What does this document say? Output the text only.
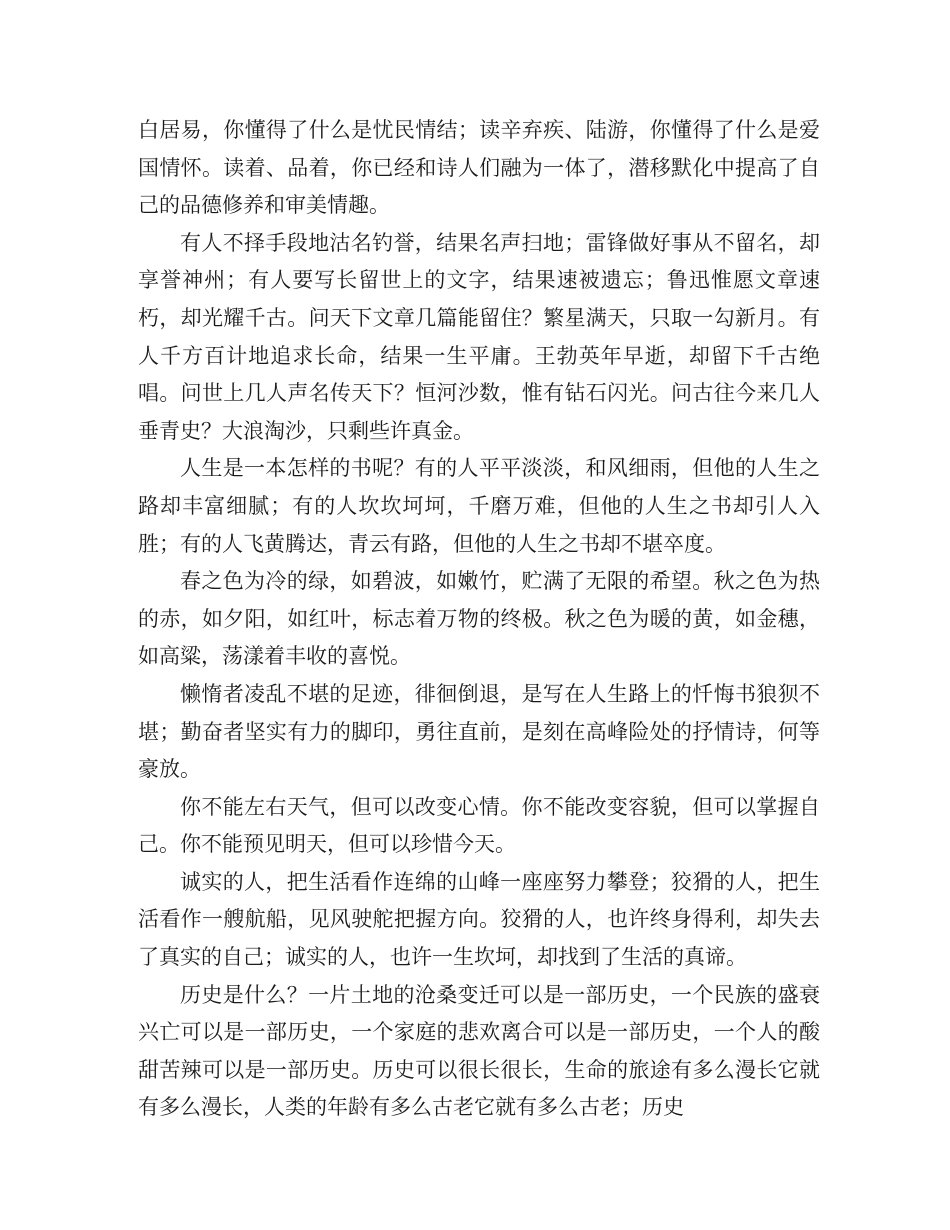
白居易，你懂得了什么是忧民情结；读辛弃疾、陆游，你懂得了什么是爱国情怀。读着、品着，你已经和诗人们融为一体了，潜移默化中提高了自己的品德修养和审美情趣。

有人不择手段地沽名钓誉，结果名声扫地；雷锋做好事从不留名，却享誉神州；有人要写长留世上的文字，结果速被遗忘；鲁迅惟愿文章速朽，却光耀千古。问天下文章几篇能留住？繁星满天，只取一勾新月。有人千方百计地追求长命，结果一生平庸。王勃英年早逝，却留下千古绝唱。问世上几人声名传天下？恒河沙数，惟有钻石闪光。问古往今来几人垂青史？大浪淘沙，只剩些许真金。

人生是一本怎样的书呢？有的人平平淡淡，和风细雨，但他的人生之路却丰富细腻；有的人坎坎坷坷，千磨万难，但他的人生之书却引人入胜；有的人飞黄腾达，青云有路，但他的人生之书却不堪卒度。

春之色为冷的绿，如碧波，如嫩竹，贮满了无限的希望。秋之色为热的赤，如夕阳，如红叶，标志着万物的终极。秋之色为暖的黄，如金穗，如高粱，荡漾着丰收的喜悦。

懒惰者凌乱不堪的足迹，徘徊倒退，是写在人生路上的忏悔书狼狈不堪；勤奋者坚实有力的脚印，勇往直前，是刻在高峰险处的抒情诗，何等豪放。

你不能左右天气，但可以改变心情。你不能改变容貌，但可以掌握自己。你不能预见明天，但可以珍惜今天。

诚实的人，把生活看作连绵的山峰一座座努力攀登；狡猾的人，把生活看作一艘航船，见风驶舵把握方向。狡猾的人，也许终身得利，却失去了真实的自己；诚实的人，也许一生坎坷，却找到了生活的真谛。

历史是什么？一片土地的沧桑变迁可以是一部历史，一个民族的盛衰兴亡可以是一部历史，一个家庭的悲欢离合可以是一部历史，一个人的酸甜苦辣可以是一部历史。历史可以很长很长，生命的旅途有多么漫长它就有多么漫长，人类的年龄有多么古老它就有多么古老；历史
